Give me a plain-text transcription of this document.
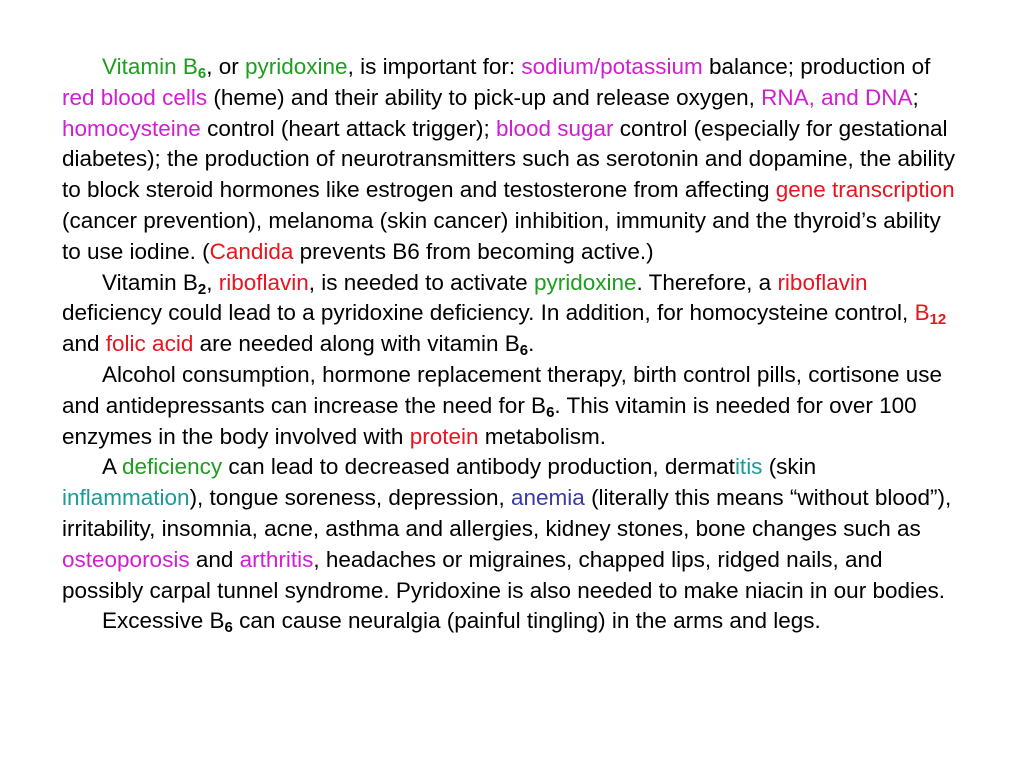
Vitamin $B_6$, or pyridoxine, is important for: sodium/potassium balance; production of red blood cells (heme) and their ability to pick-up and release oxygen, RNA, and DNA; homocysteine control (heart attack trigger); blood sugar control (especially for gestational diabetes); the production of neurotransmitters such as serotonin and dopamine, the ability to block steroid hormones like estrogen and testosterone from affecting gene transcription (cancer prevention), melanoma (skin cancer) inhibition, immunity and the thyroid’s ability to use iodine. (Candida prevents B6 from becoming active.)

Vitamin $B_2$, riboflavin, is needed to activate pyridoxine. Therefore, a riboflavin deficiency could lead to a pyridoxine deficiency. In addition, for homocysteine control, $B_{12}$ and folic acid are needed along with vitamin $B_6$.

Alcohol consumption, hormone replacement therapy, birth control pills, cortisone use and antidepressants can increase the need for $B_6$. This vitamin is needed for over 100 enzymes in the body involved with protein metabolism.

A deficiency can lead to decreased antibody production, dermatitis (skin inflammation), tongue soreness, depression, anemia (literally this means “without blood”), irritability, insomnia, acne, asthma and allergies, kidney stones, bone changes such as osteoporosis and arthritis, headaches or migraines, chapped lips, ridged nails, and possibly carpal tunnel syndrome. Pyridoxine is also needed to make niacin in our bodies.

Excessive $B_6$ can cause neuralgia (painful tingling) in the arms and legs.
